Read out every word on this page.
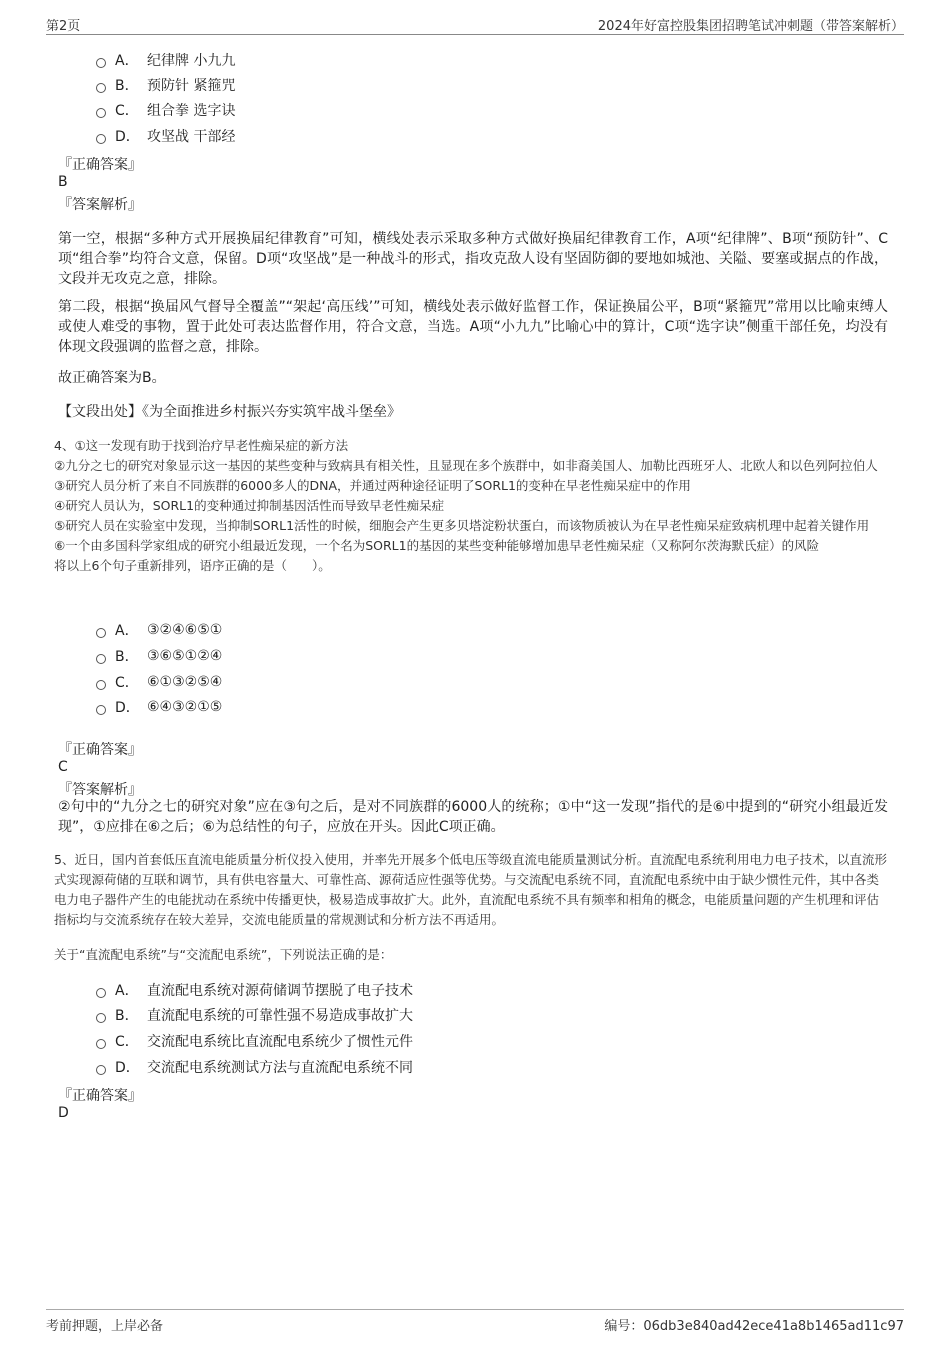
第2页	2024年好富控股集团招聘笔试冲刺题（带答案解析）
A． 纪律牌 小九九
B． 预防针 紧箍咒
C． 组合拳 选字诀
D． 攻坚战 干部经
『正确答案』
B
『答案解析』
第一空，根据“多种方式开展换届纪律教育”可知，横线处表示采取多种方式做好换届纪律教育工作，A项“纪律牌”、B项“预防针”、C项“组合拳”均符合文意，保留。D项“攻坚战”是一种战斗的形式，指攻克敌人设有坚固防御的要地如城池、关隘、要塞或据点的作战，文段并无攻克之意，排除。
第二段，根据“换届风气督导全覆盖”“架起‘高压线’”可知，横线处表示做好监督工作，保证换届公平，B项“紧箍咒”常用以比喻束缚人或使人难受的事物，置于此处可表达监督作用，符合文意，当选。A项“小九九”比喻心中的算计，C项“选字诀”侧重干部任免，均没有体现文段强调的监督之意，排除。
故正确答案为B。
【文段出处】《为全面推进乡村振兴夯实筑牢战斗堡垒》
4、①这一发现有助于找到治疗早老性痴呆症的新方法
②九分之七的研究对象显示这一基因的某些变种与致病具有相关性，且显现在多个族群中，如非裔美国人、加勒比西班牙人、北欧人和以色列阿拉伯人
③研究人员分析了来自不同族群的6000多人的DNA，并通过两种途径证明了SORL1的变种在早老性痴呆症中的作用
④研究人员认为，SORL1的变种通过抑制基因活性而导致早老性痴呆症
⑤研究人员在实验室中发现，当抑制SORL1活性的时候，细胞会产生更多贝塔淀粉状蛋白，而该物质被认为在早老性痴呆症致病机理中起着关键作用
⑥一个由多国科学家组成的研究小组最近发现，一个名为SORL1的基因的某些变种能够增加患早老性痴呆症（又称阿尔茨海默氏症）的风险
将以上6个句子重新排列，语序正确的是（　　）。
A． ③②④⑥⑤①
B． ③⑥⑤①②④
C． ⑥①③②⑤④
D． ⑥④③②①⑤
『正确答案』
C
『答案解析』
②句中的“九分之七的研究对象”应在③句之后，是对不同族群的6000人的统称；①中“这一发现”指代的是⑥中提到的“研究小组最近发现”，①应排在⑥之后；⑥为总结性的句子，应放在开头。因此C项正确。
5、近日，国内首套低压直流电能质量分析仪投入使用，并率先开展多个低电压等级直流电能质量测试分析。直流配电系统利用电力电子技术，以直流形式实现源荷储的互联和调节，具有供电容量大、可靠性高、源荷适应性强等优势。与交流配电系统不同，直流配电系统中由于缺少惯性元件，其中各类电力电子器件产生的电能扰动在系统中传播更快，极易造成事故扩大。此外，直流配电系统不具有频率和相角的概念，电能质量问题的产生机理和评估指标均与交流系统存在较大差异，交流电能质量的常规测试和分析方法不再适用。
关于“直流配电系统”与“交流配电系统”，下列说法正确的是：
A． 直流配电系统对源荷储调节摆脱了电子技术
B． 直流配电系统的可靠性强不易造成事故扩大
C． 交流配电系统比直流配电系统少了惯性元件
D． 交流配电系统测试方法与直流配电系统不同
『正确答案』
D
考前押题，上岸必备	编号：06db3e840ad42ece41a8b1465ad11c97
